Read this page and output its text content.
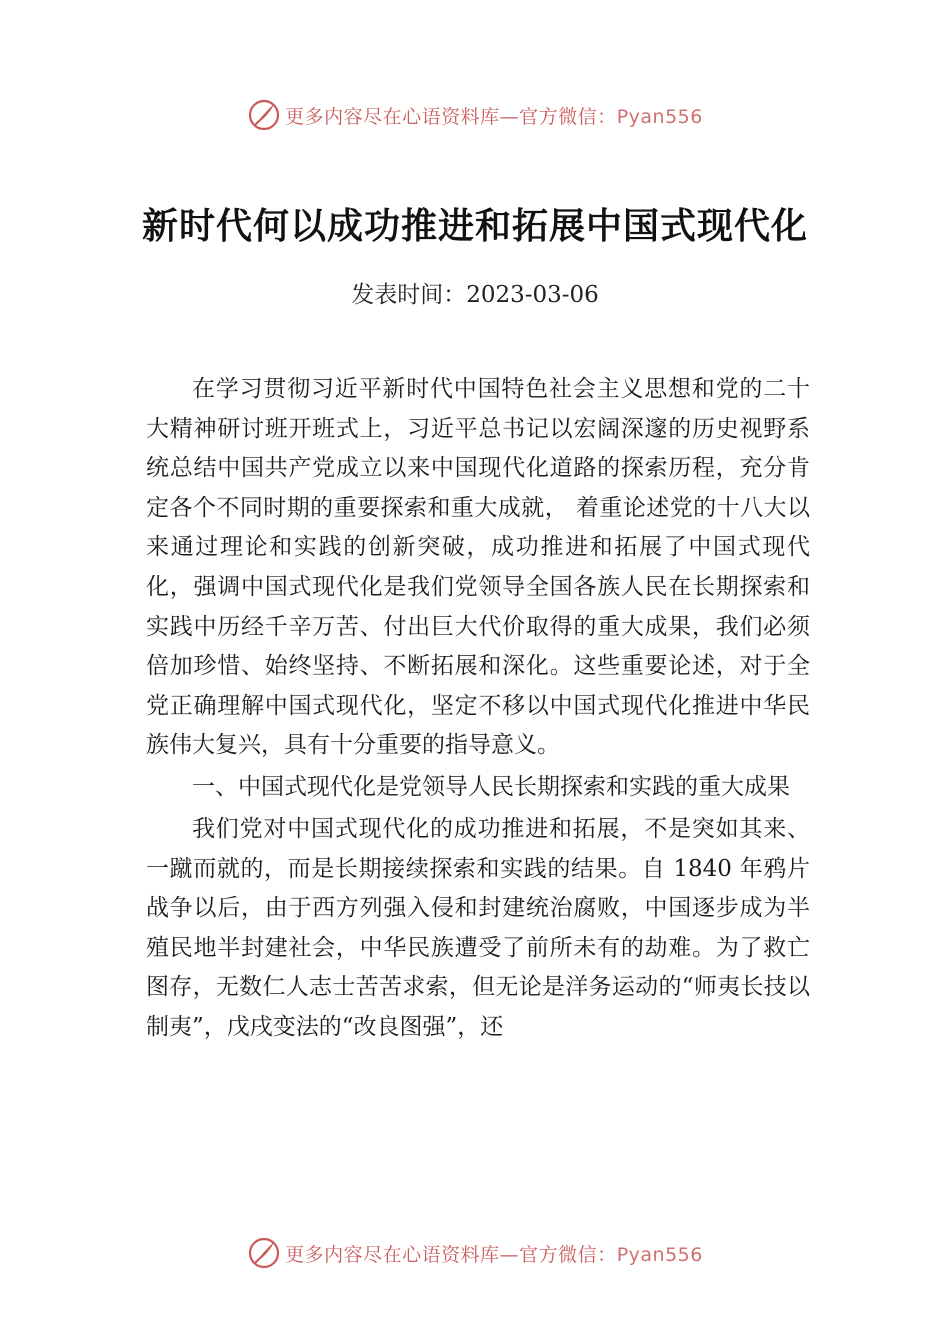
更多内容尽在心语资料库—官方微信：Pyan556
新时代何以成功推进和拓展中国式现代化
发表时间：2023-03-06

在学习贯彻习近平新时代中国特色社会主义思想和党的二十大精神研讨班开班式上，习近平总书记以宏阔深邃的历史视野系统总结中国共产党成立以来中国现代化道路的探索历程，充分肯定各个不同时期的重要探索和重大成就， 着重论述党的十八大以来通过理论和实践的创新突破，成功推进和拓展了中国式现代化，强调中国式现代化是我们党领导全国各族人民在长期探索和实践中历经千辛万苦、付出巨大代价取得的重大成果，我们必须倍加珍惜、始终坚持、不断拓展和深化。这些重要论述，对于全党正确理解中国式现代化，坚定不移以中国式现代化推进中华民族伟大复兴，具有十分重要的指导意义。

一、中国式现代化是党领导人民长期探索和实践的重大成果

我们党对中国式现代化的成功推进和拓展，不是突如其来、一蹴而就的，而是长期接续探索和实践的结果。自 1840 年鸦片战争以后，由于西方列强入侵和封建统治腐败，中国逐步成为半殖民地半封建社会，中华民族遭受了前所未有的劫难。为了救亡图存，无数仁人志士苦苦求索，但无论是洋务运动的“师夷长技以制夷”，戊戌变法的“改良图强”，还

更多内容尽在心语资料库—官方微信：Pyan556
